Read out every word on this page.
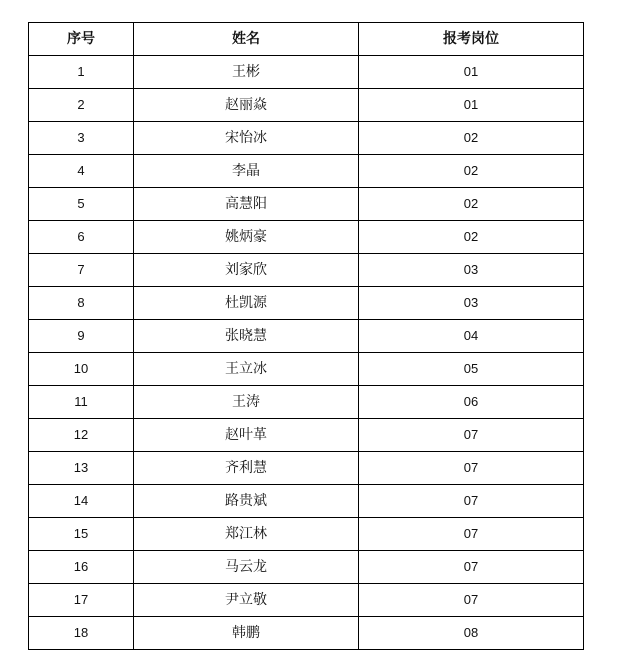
序号	姓名	报考岗位
1	王彬	01
2	赵丽焱	01
3	宋怡冰	02
4	李晶	02
5	高慧阳	02
6	姚炳豪	02
7	刘家欣	03
8	杜凯源	03
9	张晓慧	04
10	王立冰	05
11	王涛	06
12	赵叶革	07
13	齐利慧	07
14	路贵斌	07
15	郑江林	07
16	马云龙	07
17	尹立敬	07
18	韩鹏	08
